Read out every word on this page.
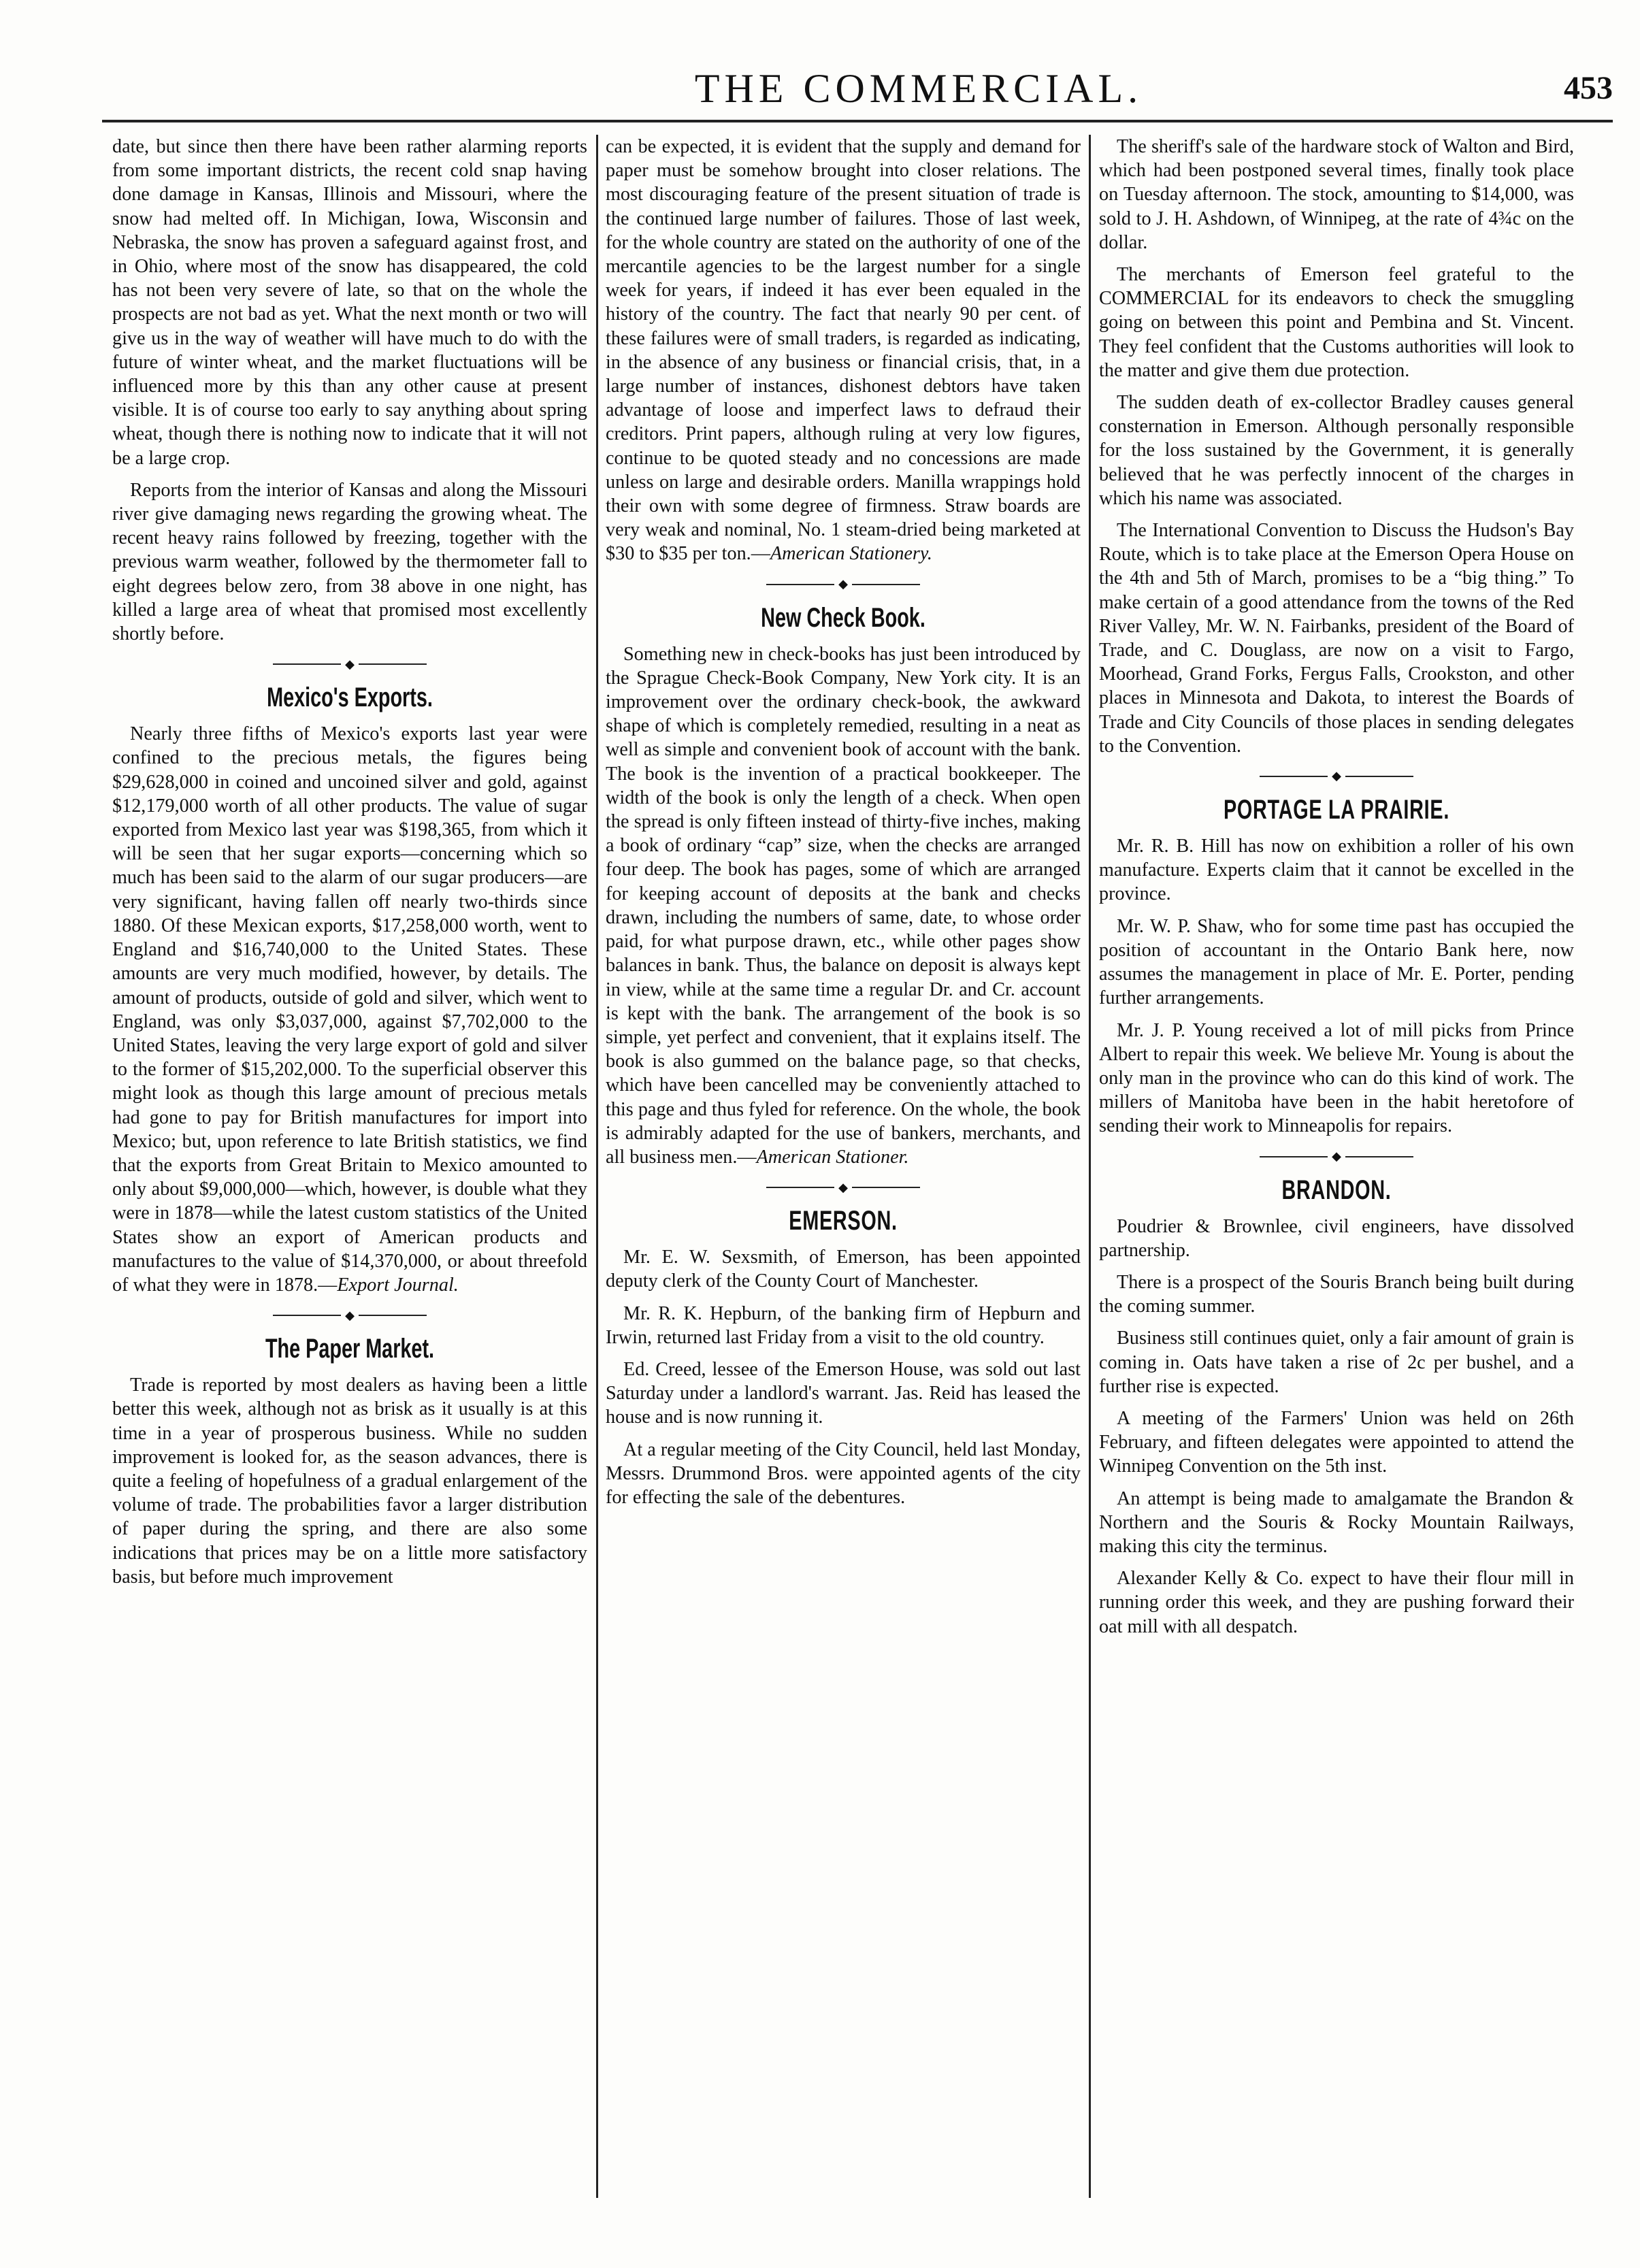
THE COMMERCIAL.	453

date, but since then there have been rather alarming reports from some important districts, the recent cold snap having done damage in Kansas, Illinois and Missouri, where the snow had melted off. In Michigan, Iowa, Wisconsin and Nebraska, the snow has proven a safeguard against frost, and in Ohio, where most of the snow has disappeared, the cold has not been very severe of late, so that on the whole the prospects are not bad as yet. What the next month or two will give us in the way of weather will have much to do with the future of winter wheat, and the market fluctuations will be influenced more by this than any other cause at present visible. It is of course too early to say anything about spring wheat, though there is nothing now to indicate that it will not be a large crop.

Reports from the interior of Kansas and along the Missouri river give damaging news regarding the growing wheat. The recent heavy rains followed by freezing, together with the previous warm weather, followed by the thermometer fall to eight degrees below zero, from 38 above in one night, has killed a large area of wheat that promised most excellently shortly before.

◆
Mexico's Exports.

Nearly three fifths of Mexico's exports last year were confined to the precious metals, the figures being $29,628,000 in coined and uncoined silver and gold, against $12,179,000 worth of all other products. The value of sugar exported from Mexico last year was $198,365, from which it will be seen that her sugar exports—concerning which so much has been said to the alarm of our sugar producers—are very significant, having fallen off nearly two-thirds since 1880. Of these Mexican exports, $17,258,000 worth, went to England and $16,740,000 to the United States. These amounts are very much modified, however, by details. The amount of products, outside of gold and silver, which went to England, was only $3,037,000, against $7,702,000 to the United States, leaving the very large export of gold and silver to the former of $15,202,000. To the superficial observer this might look as though this large amount of precious metals had gone to pay for British manufactures for import into Mexico; but, upon reference to late British statistics, we find that the exports from Great Britain to Mexico amounted to only about $9,000,000—which, however, is double what they were in 1878—while the latest custom statistics of the United States show an export of American products and manufactures to the value of $14,370,000, or about threefold of what they were in 1878.—Export Journal.

◆
The Paper Market.

Trade is reported by most dealers as having been a little better this week, although not as brisk as it usually is at this time in a year of prosperous business. While no sudden improvement is looked for, as the season advances, there is quite a feeling of hopefulness of a gradual enlargement of the volume of trade. The probabilities favor a larger distribution of paper during the spring, and there are also some indications that prices may be on a little more satisfactory basis, but before much improvement

can be expected, it is evident that the supply and demand for paper must be somehow brought into closer relations. The most discouraging feature of the present situation of trade is the continued large number of failures. Those of last week, for the whole country are stated on the authority of one of the mercantile agencies to be the largest number for a single week for years, if indeed it has ever been equaled in the history of the country. The fact that nearly 90 per cent. of these failures were of small traders, is regarded as indicating, in the absence of any business or financial crisis, that, in a large number of instances, dishonest debtors have taken advantage of loose and imperfect laws to defraud their creditors. Print papers, although ruling at very low figures, continue to be quoted steady and no concessions are made unless on large and desirable orders. Manilla wrappings hold their own with some degree of firmness. Straw boards are very weak and nominal, No. 1 steam-dried being marketed at $30 to $35 per ton.—American Stationery.

◆
New Check Book.

Something new in check-books has just been introduced by the Sprague Check-Book Company, New York city. It is an improvement over the ordinary check-book, the awkward shape of which is completely remedied, resulting in a neat as well as simple and convenient book of account with the bank. The book is the invention of a practical bookkeeper. The width of the book is only the length of a check. When open the spread is only fifteen instead of thirty-five inches, making a book of ordinary “cap” size, when the checks are arranged four deep. The book has pages, some of which are arranged for keeping account of deposits at the bank and checks drawn, including the numbers of same, date, to whose order paid, for what purpose drawn, etc., while other pages show balances in bank. Thus, the balance on deposit is always kept in view, while at the same time a regular Dr. and Cr. account is kept with the bank. The arrangement of the book is so simple, yet perfect and convenient, that it explains itself. The book is also gummed on the balance page, so that checks, which have been cancelled may be conveniently attached to this page and thus fyled for reference. On the whole, the book is admirably adapted for the use of bankers, merchants, and all business men.—American Stationer.

◆
EMERSON.

Mr. E. W. Sexsmith, of Emerson, has been appointed deputy clerk of the County Court of Manchester.

Mr. R. K. Hepburn, of the banking firm of Hepburn and Irwin, returned last Friday from a visit to the old country.

Ed. Creed, lessee of the Emerson House, was sold out last Saturday under a landlord's warrant. Jas. Reid has leased the house and is now running it.

At a regular meeting of the City Council, held last Monday, Messrs. Drummond Bros. were appointed agents of the city for effecting the sale of the debentures.

The sheriff's sale of the hardware stock of Walton and Bird, which had been postponed several times, finally took place on Tuesday afternoon. The stock, amounting to $14,000, was sold to J. H. Ashdown, of Winnipeg, at the rate of 4¾c on the dollar.

The merchants of Emerson feel grateful to the COMMERCIAL for its endeavors to check the smuggling going on between this point and Pembina and St. Vincent. They feel confident that the Customs authorities will look to the matter and give them due protection.

The sudden death of ex-collector Bradley causes general consternation in Emerson. Although personally responsible for the loss sustained by the Government, it is generally believed that he was perfectly innocent of the charges in which his name was associated.

The International Convention to Discuss the Hudson's Bay Route, which is to take place at the Emerson Opera House on the 4th and 5th of March, promises to be a “big thing.” To make certain of a good attendance from the towns of the Red River Valley, Mr. W. N. Fairbanks, president of the Board of Trade, and C. Douglass, are now on a visit to Fargo, Moorhead, Grand Forks, Fergus Falls, Crookston, and other places in Minnesota and Dakota, to interest the Boards of Trade and City Councils of those places in sending delegates to the Convention.

◆
PORTAGE LA PRAIRIE.

Mr. R. B. Hill has now on exhibition a roller of his own manufacture. Experts claim that it cannot be excelled in the province.

Mr. W. P. Shaw, who for some time past has occupied the position of accountant in the Ontario Bank here, now assumes the management in place of Mr. E. Porter, pending further arrangements.

Mr. J. P. Young received a lot of mill picks from Prince Albert to repair this week. We believe Mr. Young is about the only man in the province who can do this kind of work. The millers of Manitoba have been in the habit heretofore of sending their work to Minneapolis for repairs.

◆
BRANDON.

Poudrier & Brownlee, civil engineers, have dissolved partnership.

There is a prospect of the Souris Branch being built during the coming summer.

Business still continues quiet, only a fair amount of grain is coming in. Oats have taken a rise of 2c per bushel, and a further rise is expected.

A meeting of the Farmers' Union was held on 26th February, and fifteen delegates were appointed to attend the Winnipeg Convention on the 5th inst.

An attempt is being made to amalgamate the Brandon & Northern and the Souris & Rocky Mountain Railways, making this city the terminus.

Alexander Kelly & Co. expect to have their flour mill in running order this week, and they are pushing forward their oat mill with all despatch.
